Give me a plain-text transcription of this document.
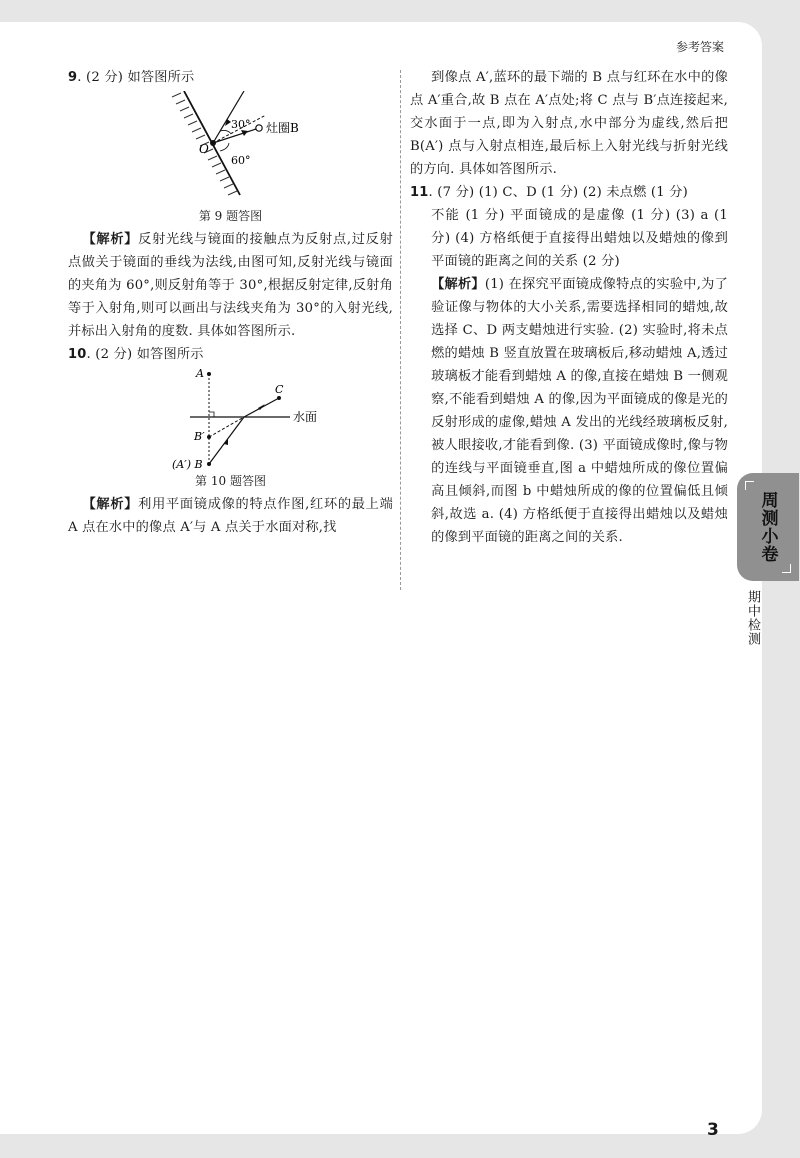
参考答案

9. (2 分) 如答图所示

30°
60°
O
灶圈B

第 9 题答图

【解析】反射光线与镜面的接触点为反射点,过反射点做关于镜面的垂线为法线,由图可知,反射光线与镜面的夹角为 60°,则反射角等于 30°,根据反射定律,反射角等于入射角,则可以画出与法线夹角为 30°的入射光线,并标出入射角的度数. 具体如答图所示.

10. (2 分) 如答图所示

A
C
B′
(A′) B
水面

第 10 题答图

【解析】利用平面镜成像的特点作图,红环的最上端 A 点在水中的像点 A′与 A 点关于水面对称,找

到像点 A′,蓝环的最下端的 B 点与红环在水中的像点 A′重合,故 B 点在 A′点处;将 C 点与 B′点连接起来,交水面于一点,即为入射点,水中部分为虚线,然后把 B(A′) 点与入射点相连,最后标上入射光线与折射光线的方向. 具体如答图所示.

11. (7 分) (1) C、D (1 分) (2) 未点燃 (1 分)

不能 (1 分) 平面镜成的是虚像 (1 分) (3) a (1 分) (4) 方格纸便于直接得出蜡烛以及蜡烛的像到平面镜的距离之间的关系 (2 分)

【解析】(1) 在探究平面镜成像特点的实验中,为了验证像与物体的大小关系,需要选择相同的蜡烛,故选择 C、D 两支蜡烛进行实验. (2) 实验时,将未点燃的蜡烛 B 竖直放置在玻璃板后,移动蜡烛 A,透过玻璃板才能看到蜡烛 A 的像,直接在蜡烛 B 一侧观察,不能看到蜡烛 A 的像,因为平面镜成的像是光的反射形成的虚像,蜡烛 A 发出的光线经玻璃板反射,被人眼接收,才能看到像. (3) 平面镜成像时,像与物的连线与平面镜垂直,图 a 中蜡烛所成的像位置偏高且倾斜,而图 b 中蜡烛所成的像的位置偏低且倾斜,故选 a. (4) 方格纸便于直接得出蜡烛以及蜡烛的像到平面镜的距离之间的关系.

3
周测小卷
期中检测
